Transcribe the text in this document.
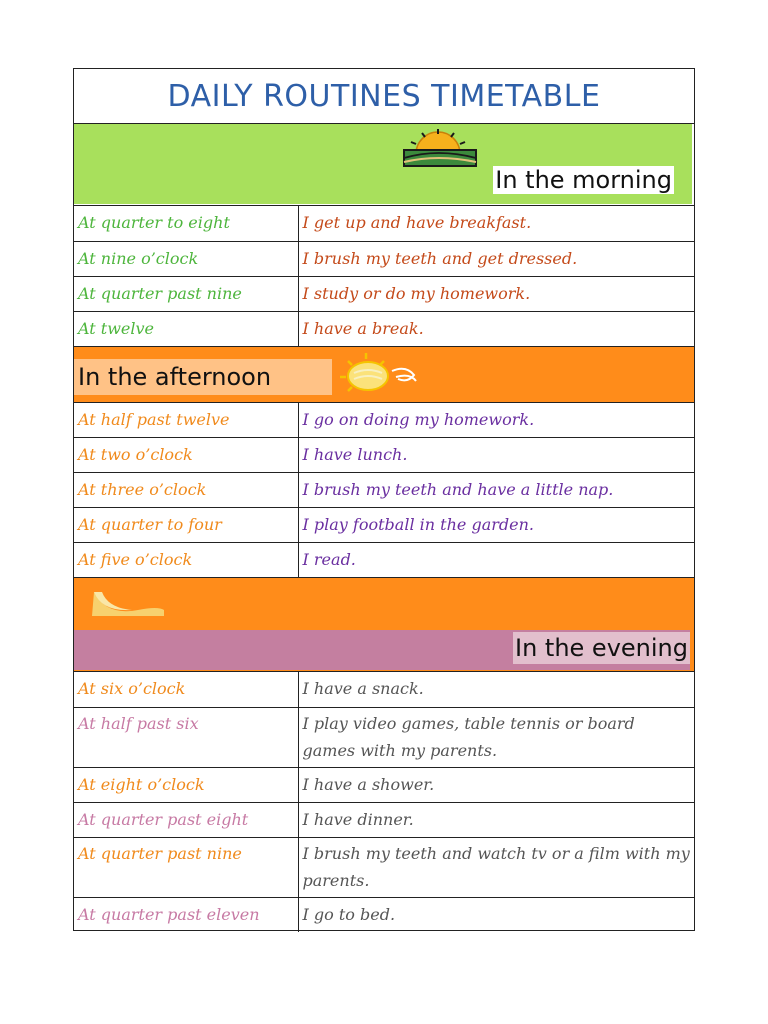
DAILY ROUTINES TIMETABLE
In the morning
At quarter to eight	I get up and have breakfast.
At nine o’clock	I brush my teeth and get dressed.
At quarter past nine	I study or do my homework.
At twelve	I have a break.
In the afternoon
At half past twelve	I go on doing my homework.
At two o’clock	I have lunch.
At three o’clock	I brush my teeth and have a little nap.
At quarter to four	I play football in the garden.
At five o’clock	I read.
In the evening
At six o’clock	I have a snack.
At half past six	I play video games, table tennis or board games with my parents.
At eight o’clock	I have a shower.
At quarter past eight	I have dinner.
At quarter past nine	I brush my teeth and watch tv or a film with my parents.
At quarter past eleven	I go to bed.
